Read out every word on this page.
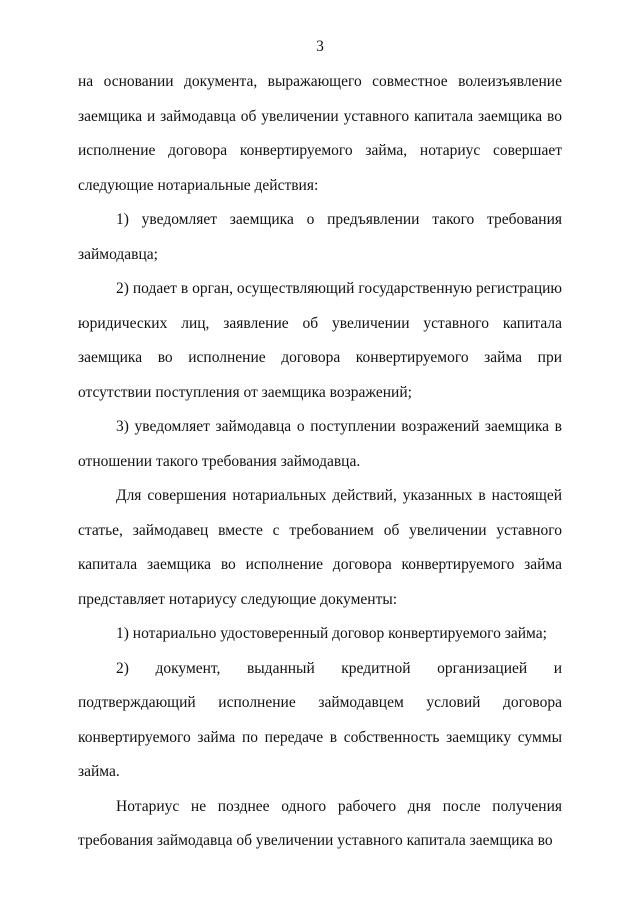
3

на основании документа, выражающего совместное волеизъявление заемщика и займодавца об увеличении уставного капитала заемщика во исполнение договора конвертируемого займа, нотариус совершает следующие нотариальные действия:

1) уведомляет заемщика о предъявлении такого требования займодавца;

2) подает в орган, осуществляющий государственную регистрацию юридических лиц, заявление об увеличении уставного капитала заемщика во исполнение договора конвертируемого займа при отсутствии поступления от заемщика возражений;

3) уведомляет займодавца о поступлении возражений заемщика в отношении такого требования займодавца.

Для совершения нотариальных действий, указанных в настоящей статье, займодавец вместе с требованием об увеличении уставного капитала заемщика во исполнение договора конвертируемого займа представляет нотариусу следующие документы:

1) нотариально удостоверенный договор конвертируемого займа;

2) документ, выданный кредитной организацией и подтверждающий исполнение займодавцем условий договора конвертируемого займа по передаче в собственность заемщику суммы займа.

Нотариус не позднее одного рабочего дня после получения требования займодавца об увеличении уставного капитала заемщика во
